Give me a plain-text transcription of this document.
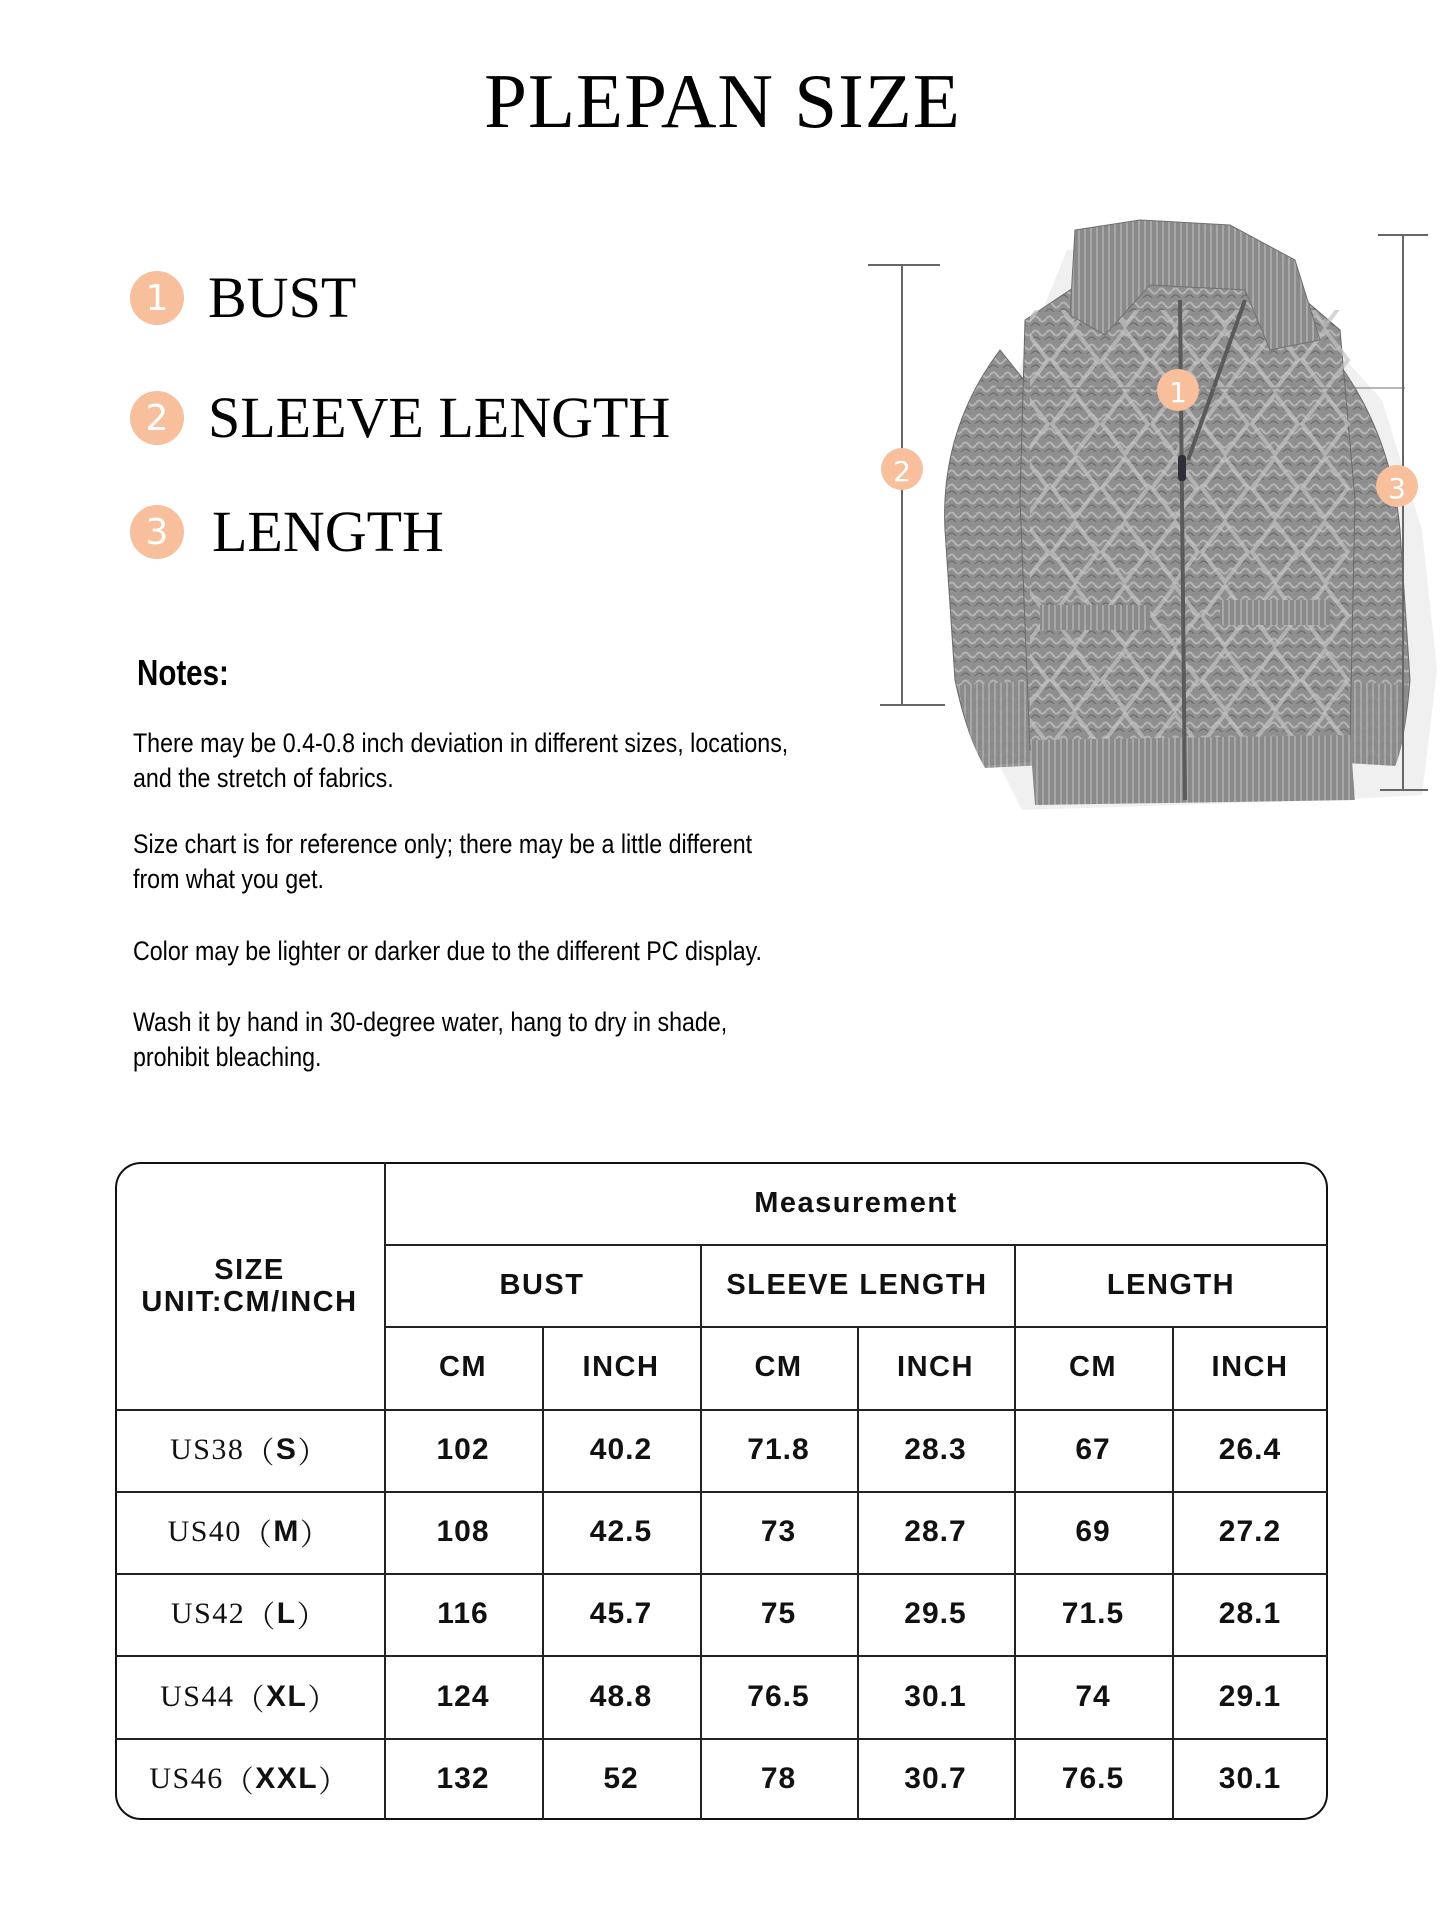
PLEPAN SIZE
1 BUST
2 SLEEVE LENGTH
3 LENGTH
Notes:
There may be 0.4-0.8 inch deviation in different sizes, locations,
and the stretch of fabrics.
Size chart is for reference only; there may be a little different
from what you get.
Color may be lighter or darker due to the different PC display.
Wash it by hand in 30-degree water, hang to dry in shade,
prohibit bleaching.
1
2
3
SIZE
UNIT:CM/INCH
Measurement
BUST	SLEEVE LENGTH	LENGTH
CM	INCH	CM	INCH	CM	INCH
US38 （ S ）	102	40.2	71.8	28.3	67	26.4
US40 （ M ）	108	42.5	73	28.7	69	27.2
US42 （ L ）	116	45.7	75	29.5	71.5	28.1
US44 （ XL ）	124	48.8	76.5	30.1	74	29.1
US46 （ XXL ）	132	52	78	30.7	76.5	30.1
